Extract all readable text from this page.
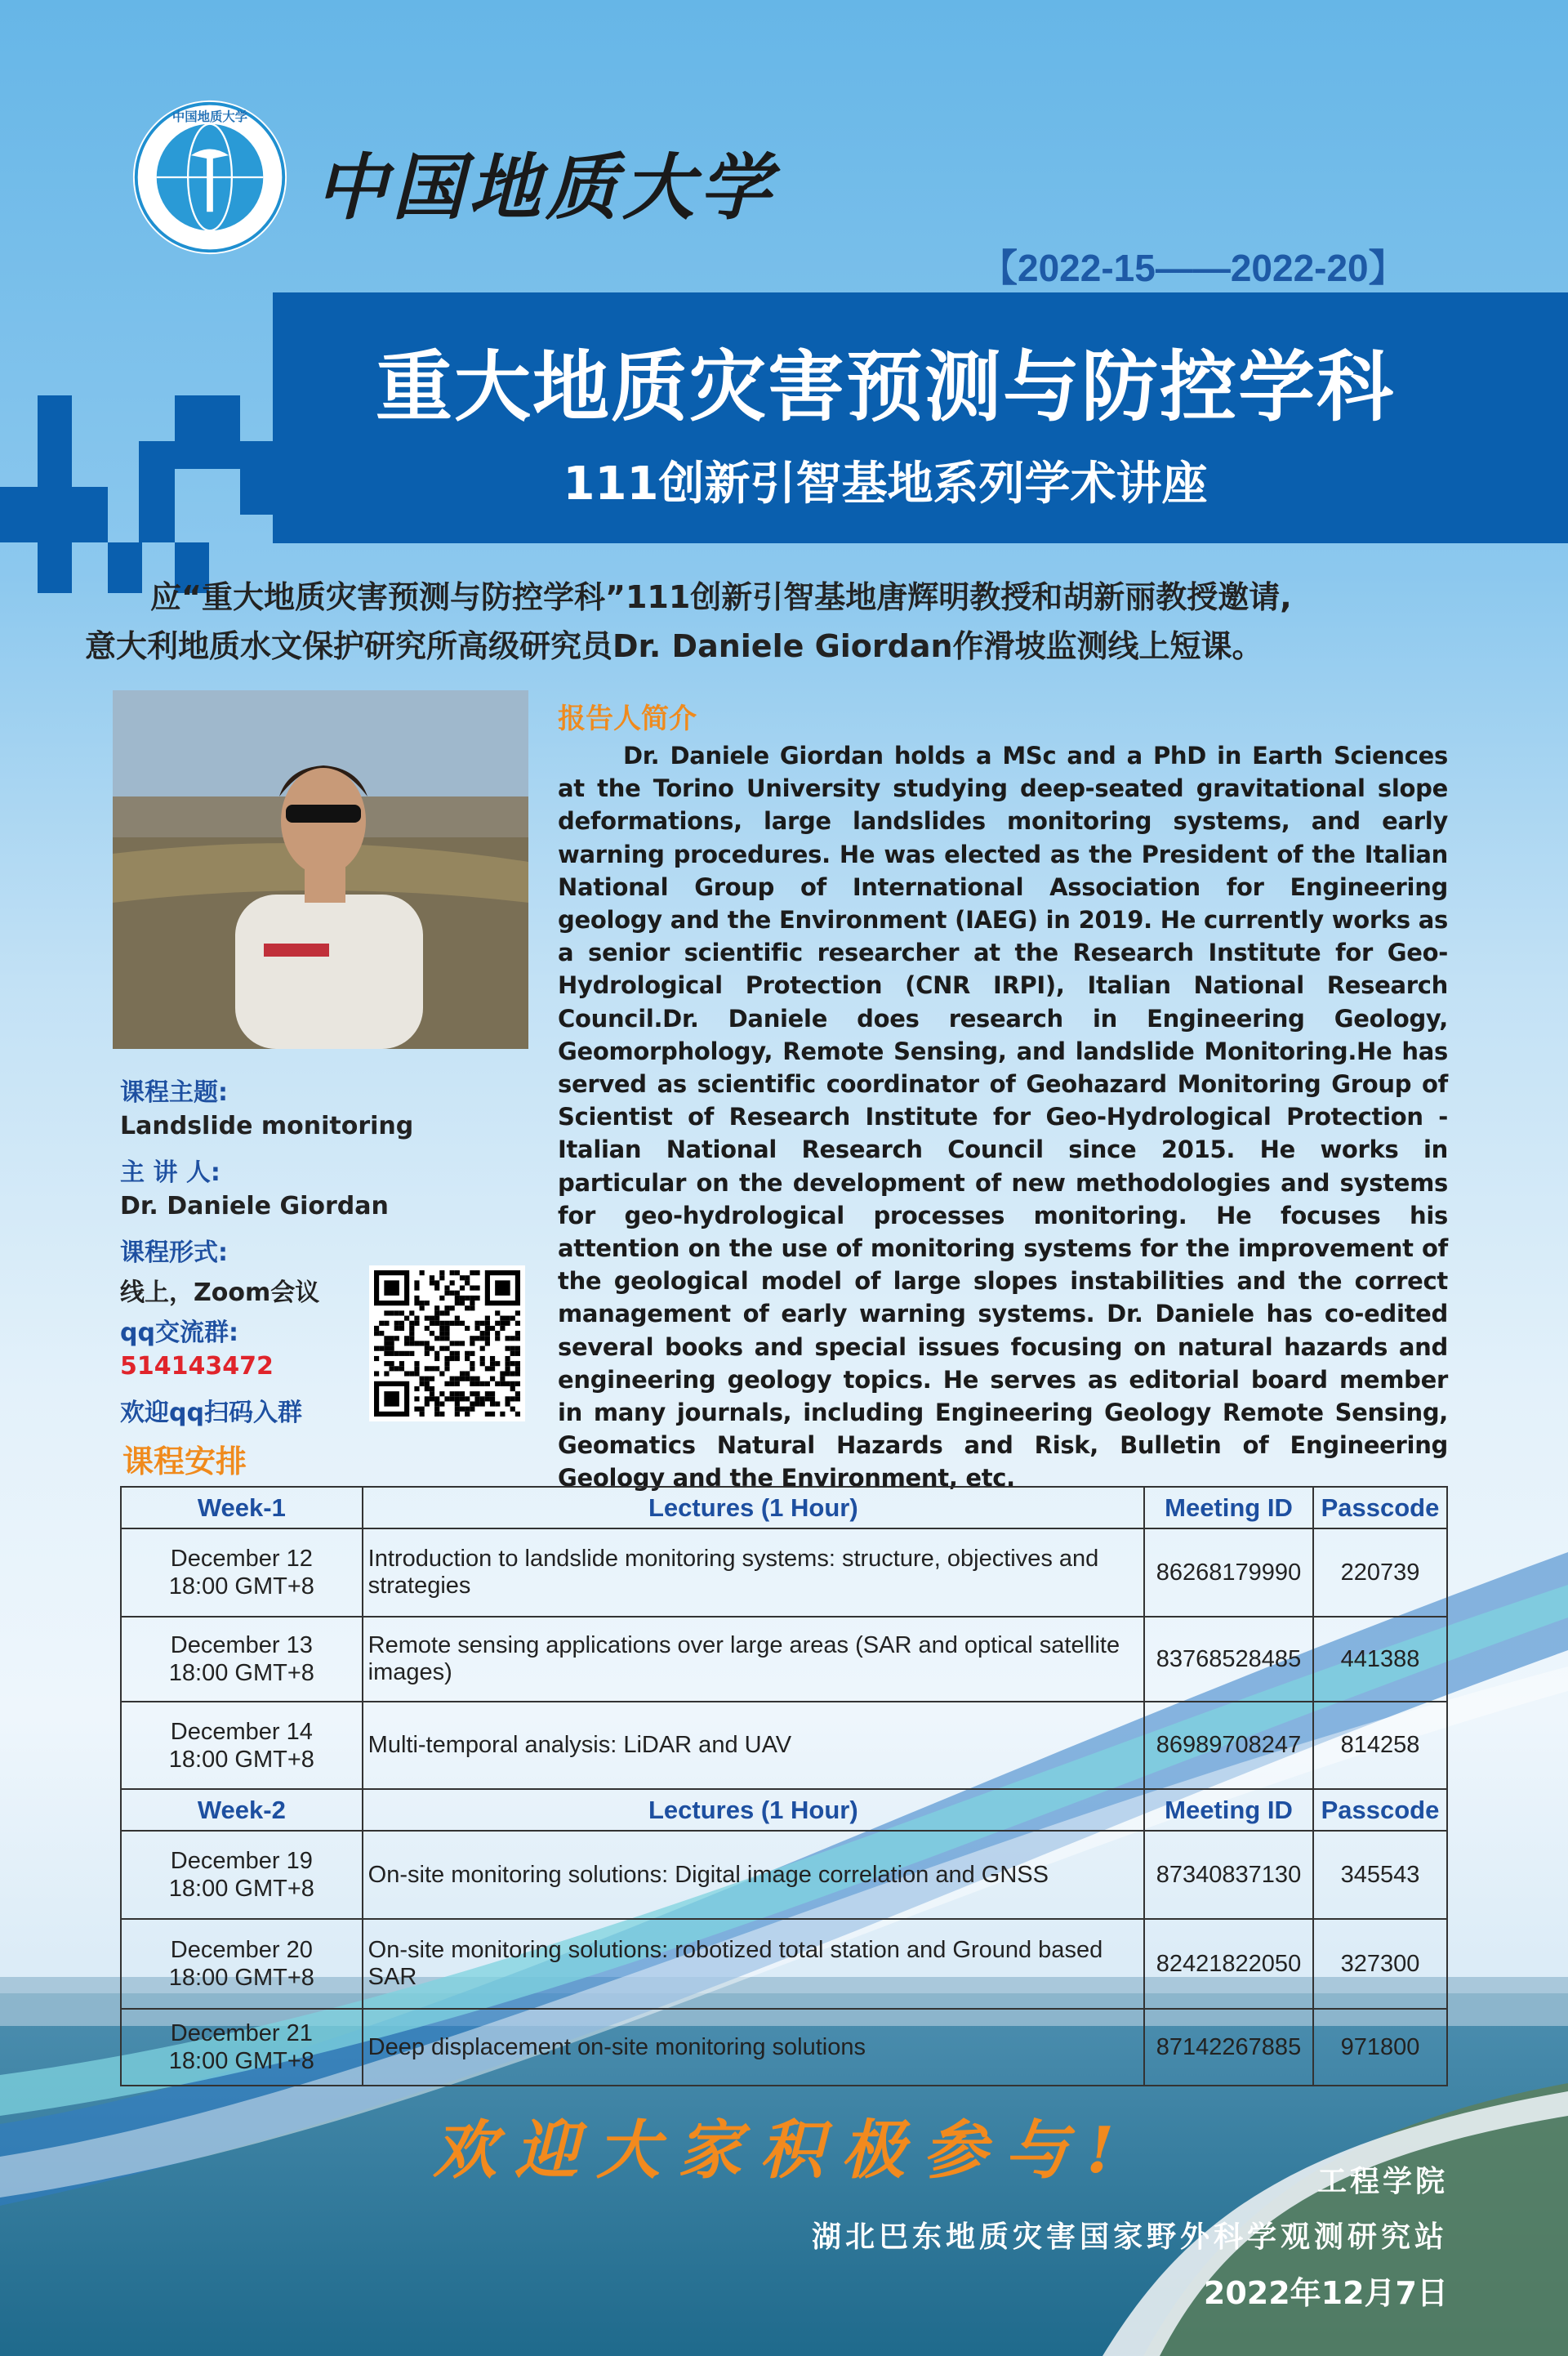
中国地质大学
中国地质大学
【2022-15——2022-20】
重大地质灾害预测与防控学科
111创新引智基地系列学术讲座
应“重大地质灾害预测与防控学科”111创新引智基地唐辉明教授和胡新丽教授邀请,
意大利地质水文保护研究所高级研究员Dr. Daniele Giordan作滑坡监测线上短课。
报告人简介
Dr. Daniele Giordan holds a MSc and a PhD in Earth Sciences at the Torino University studying deep-seated gravitational slope deformations, large landslides monitoring systems, and early warning procedures. He was elected as the President of the Italian National Group of International Association for Engineering geology and the Environment (IAEG) in 2019. He currently works as a senior scientific researcher at the Research Institute for Geo-Hydrological Protection (CNR IRPI), Italian National Research Council.Dr. Daniele does research in Engineering Geology, Geomorphology, Remote Sensing, and landslide Monitoring.He has served as scientific coordinator of Geohazard Monitoring Group of Scientist of Research Institute for Geo-Hydrological Protection - Italian National Research Council since 2015. He works in particular on the development of new methodologies and systems for geo-hydrological processes monitoring. He focuses his attention on the use of monitoring systems for the improvement of the geological model of large slopes instabilities and the correct management of early warning systems. Dr. Daniele has co-edited several books and special issues focusing on natural hazards and engineering geology topics. He serves as editorial board member in many journals, including Engineering Geology Remote Sensing, Geomatics Natural Hazards and Risk, Bulletin of Engineering Geology and the Environment, etc.
课程主题:
Landslide monitoring
主 讲 人:
Dr. Daniele Giordan
课程形式:
线上，Zoom会议
qq交流群:
514143472
欢迎qq扫码入群
课程安排
Week-1	Lectures (1 Hour)	Meeting ID	Passcode

December 12
18:00 GMT+8	Introduction to landslide monitoring systems: structure, objectives and strategies	86268179990	220739

December 13
18:00 GMT+8	Remote sensing applications over large areas (SAR and optical satellite images)	83768528485	441388

December 14
18:00 GMT+8	Multi-temporal analysis: LiDAR and UAV	86989708247	814258
Week-2	Lectures (1 Hour)	Meeting ID	Passcode

December 19
18:00 GMT+8	On-site monitoring solutions: Digital image correlation and GNSS	87340837130	345543

December 20
18:00 GMT+8	On-site monitoring solutions: robotized total station and Ground based SAR	82421822050	327300

December 21
18:00 GMT+8	Deep displacement on-site monitoring solutions	87142267885	971800
欢迎大家积极参与!	工程学院
湖北巴东地质灾害国家野外科学观测研究站
2022年12月7日
